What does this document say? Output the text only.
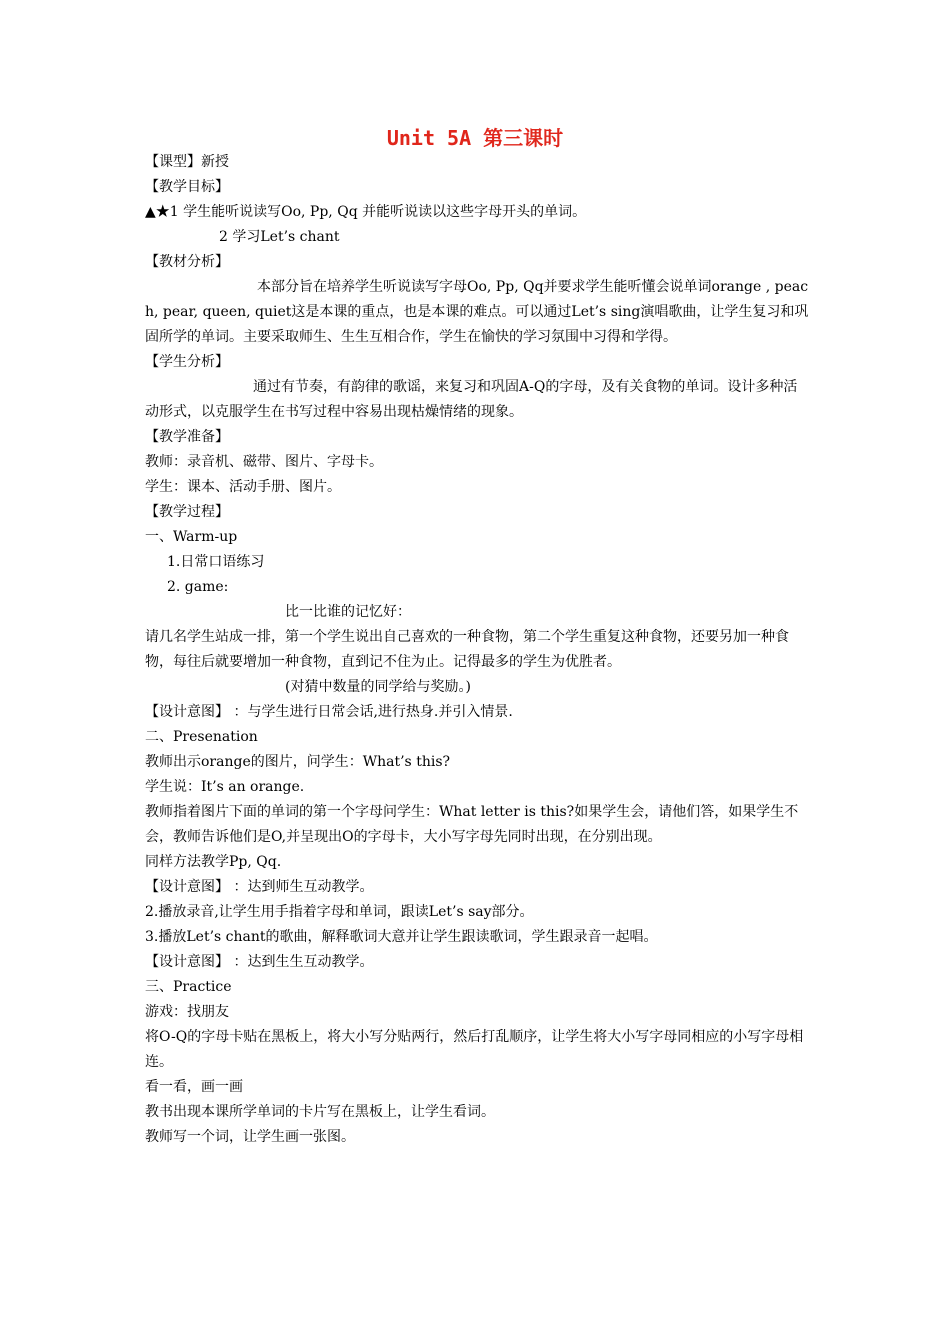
Unit 5A 第三课时

【课型】新授

【教学目标】

▲★1 学生能听说读写Oo, Pp, Qq 并能听说读以这些字母开头的单词。

2 学习Let’s chant

【教材分析】

本部分旨在培养学生听说读写字母Oo, Pp, Qq并要求学生能听懂会说单词orange , peach, pear, queen, quiet这是本课的重点，也是本课的难点。可以通过Let’s sing演唱歌曲，让学生复习和巩固所学的单词。主要采取师生、生生互相合作，学生在愉快的学习氛围中习得和学得。

【学生分析】

通过有节奏，有韵律的歌谣，来复习和巩固A-Q的字母，及有关食物的单词。设计多种活动形式，以克服学生在书写过程中容易出现枯燥情绪的现象。

【教学准备】

教师：录音机、磁带、图片、字母卡。

学生：课本、活动手册、图片。

【教学过程】

一、Warm-up

1.日常口语练习

2. game:

比一比谁的记忆好：

请几名学生站成一排，第一个学生说出自己喜欢的一种食物，第二个学生重复这种食物，还要另加一种食物，每往后就要增加一种食物，直到记不住为止。记得最多的学生为优胜者。

(对猜中数量的同学给与奖励。)

【设计意图】 ：与学生进行日常会话,进行热身.并引入情景.

二、Presenation

教师出示orange的图片，问学生：What’s this?

学生说：It’s an orange.

教师指着图片下面的单词的第一个字母问学生：What letter is this?如果学生会，请他们答，如果学生不会，教师告诉他们是O,并呈现出O的字母卡，大小写字母先同时出现，在分别出现。

同样方法教学Pp, Qq.

【设计意图】 ：达到师生互动教学。

2.播放录音,让学生用手指着字母和单词，跟读Let’s say部分。

3.播放Let’s chant的歌曲，解释歌词大意并让学生跟读歌词，学生跟录音一起唱。

【设计意图】 ：达到生生互动教学。

三、Practice

游戏：找朋友

将O-Q的字母卡贴在黑板上，将大小写分贴两行，然后打乱顺序，让学生将大小写字母同相应的小写字母相连。

看一看，画一画

教书出现本课所学单词的卡片写在黑板上，让学生看词。

教师写一个词，让学生画一张图。
